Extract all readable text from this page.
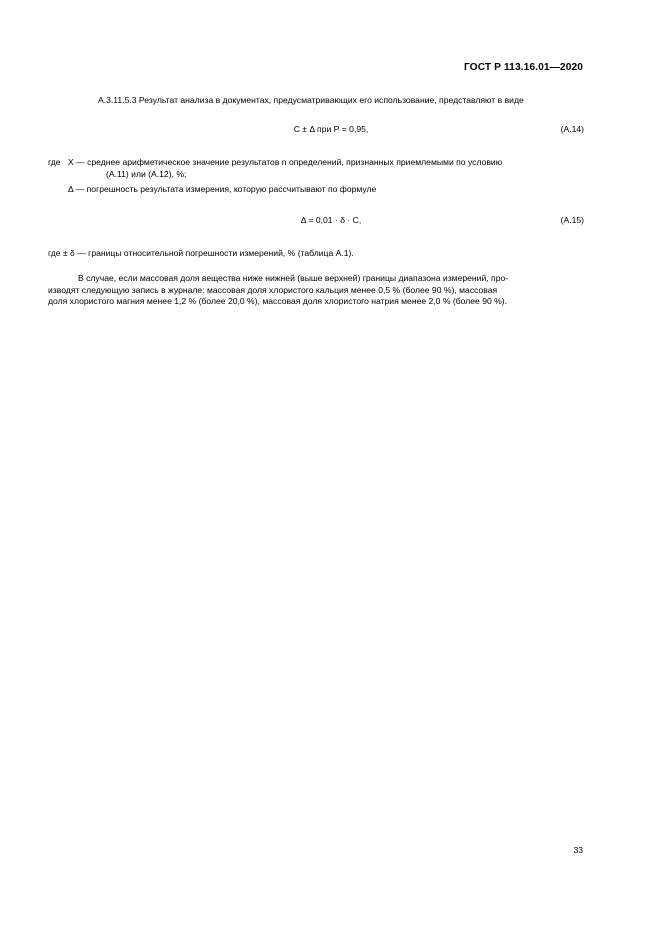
ГОСТ Р 113.16.01—2020
А.3.11.5.3 Результат анализа в документах, предусматривающих его использование, представляют в виде
С ± Δ при Р = 0,95,	(А.14)
где X — среднее арифметическое значение результатов n определений, признанных приемлемыми по условию
(А.11) или (А.12), %;
Δ — погрешность результата измерения, которую рассчитывают по формуле
Δ = 0,01 · δ · С,	(А.15)
где ± δ — границы относительной погрешности измерений, % (таблица А.1).
В случае, если массовая доля вещества ниже нижней (выше верхней) границы диапазона измерений, про-
изводят следующую запись в журнале: массовая доля хлористого кальция менее 0,5 % (более 90 %), массовая
доля хлористого магния менее 1,2 % (более 20,0 %), массовая доля хлористого натрия менее 2,0 % (более 90 %).
33
